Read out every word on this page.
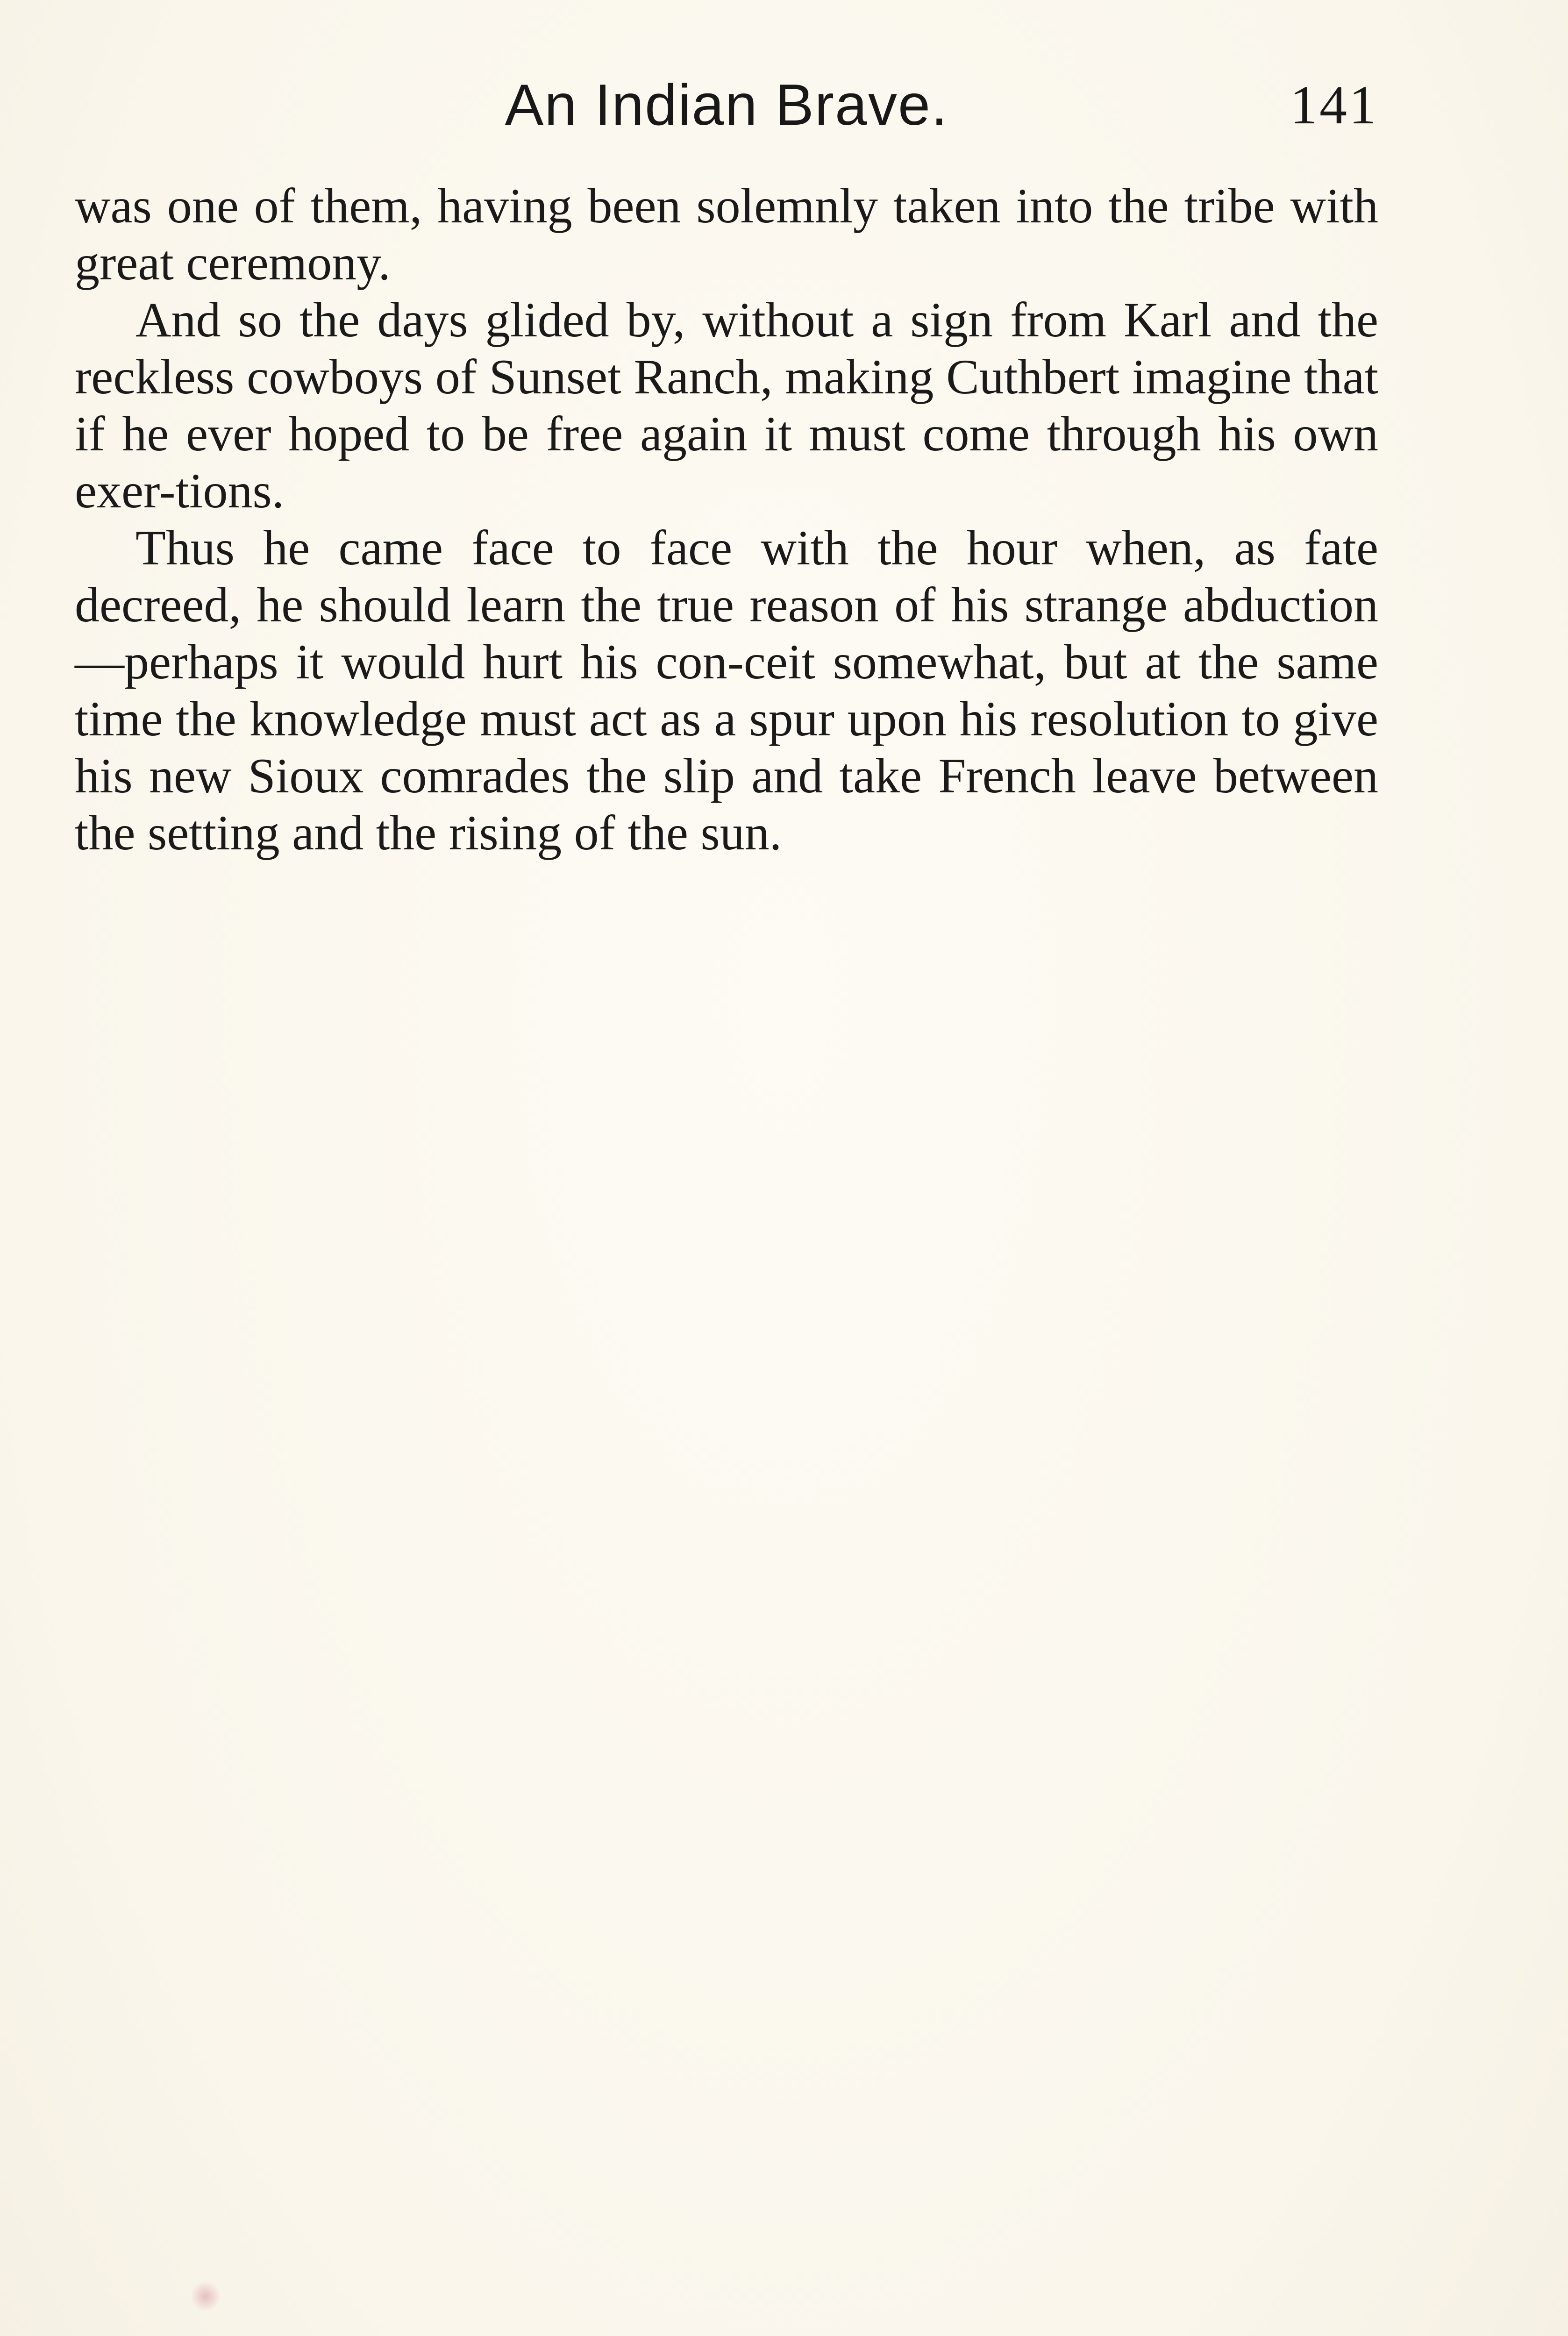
An Indian Brave.	141

was one of them, having been solemnly taken into the tribe with great ceremony.

And so the days glided by, without a sign from Karl and the reckless cowboys of Sunset Ranch, making Cuthbert imagine that if he ever hoped to be free again it must come through his own exer-tions.

Thus he came face to face with the hour when, as fate decreed, he should learn the true reason of his strange abduction—perhaps it would hurt his con-ceit somewhat, but at the same time the knowledge must act as a spur upon his resolution to give his new Sioux comrades the slip and take French leave between the setting and the rising of the sun.
